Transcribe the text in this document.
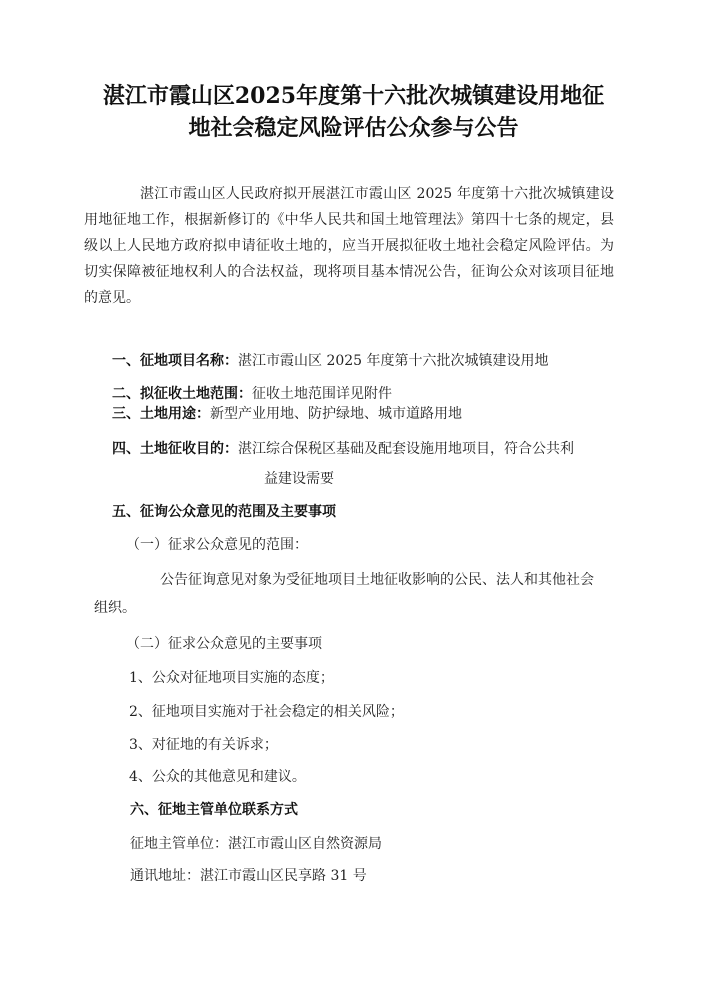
湛江市霞山区2025年度第十六批次城镇建设用地征
地社会稳定风险评估公众参与公告
湛江市霞山区人民政府拟开展湛江市霞山区 2025 年度第十六批次城镇建设用地征地工作，根据新修订的《中华人民共和国土地管理法》第四十七条的规定，县级以上人民地方政府拟申请征收土地的，应当开展拟征收土地社会稳定风险评估。为切实保障被征地权利人的合法权益，现将项目基本情况公告，征询公众对该项目征地的意见。
一、征地项目名称：湛江市霞山区 2025 年度第十六批次城镇建设用地
二、拟征收土地范围：征收土地范围详见附件
三、土地用途：新型产业用地、防护绿地、城市道路用地
四、土地征收目的：湛江综合保税区基础及配套设施用地项目，符合公共利
益建设需要
五、征询公众意见的范围及主要事项
（一）征求公众意见的范围：
公告征询意见对象为受征地项目土地征收影响的公民、法人和其他社会
组织。
（二）征求公众意见的主要事项
1、公众对征地项目实施的态度；
2、征地项目实施对于社会稳定的相关风险；
3、对征地的有关诉求；
4、公众的其他意见和建议。
六、征地主管单位联系方式
征地主管单位：湛江市霞山区自然资源局
通讯地址：湛江市霞山区民享路 31 号
